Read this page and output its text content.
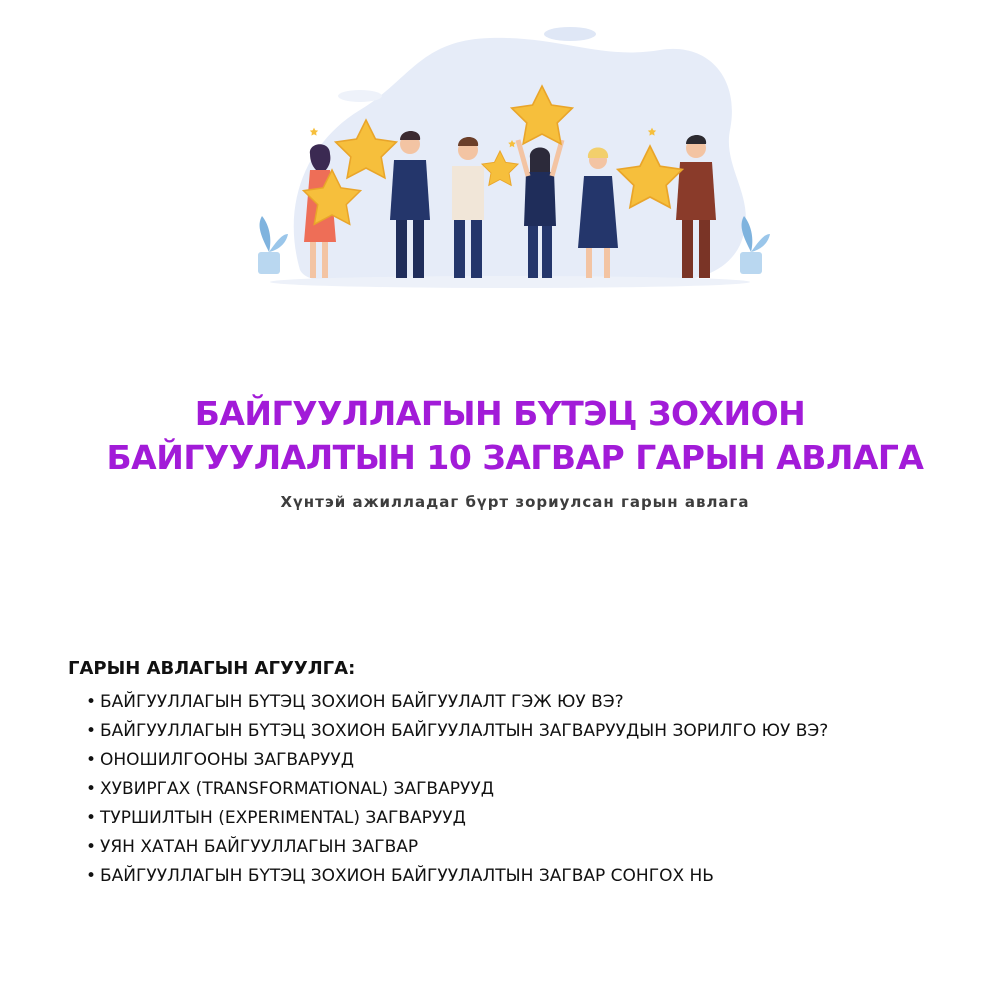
БАЙГУУЛЛАГЫН БҮТЭЦ ЗОХИОН
БАЙГУУЛАЛТЫН 10 ЗАГВАР ГАРЫН АВЛАГА
Хүнтэй ажилладаг бүрт зориулсан гарын авлага
ГАРЫН АВЛАГЫН АГУУЛГА:
• БАЙГУУЛЛАГЫН БҮТЭЦ ЗОХИОН БАЙГУУЛАЛТ ГЭЖ ЮУ ВЭ?
• БАЙГУУЛЛАГЫН БҮТЭЦ ЗОХИОН БАЙГУУЛАЛТЫН ЗАГВАРУУДЫН ЗОРИЛГО ЮУ ВЭ?
• ОНОШИЛГООНЫ ЗАГВАРУУД
• ХУВИРГАХ (TRANSFORMATIONAL) ЗАГВАРУУД
• ТУРШИЛТЫН (EXPERIMENTAL) ЗАГВАРУУД
• УЯН ХАТАН БАЙГУУЛЛАГЫН ЗАГВАР
• БАЙГУУЛЛАГЫН БҮТЭЦ ЗОХИОН БАЙГУУЛАЛТЫН ЗАГВАР СОНГОХ НЬ
